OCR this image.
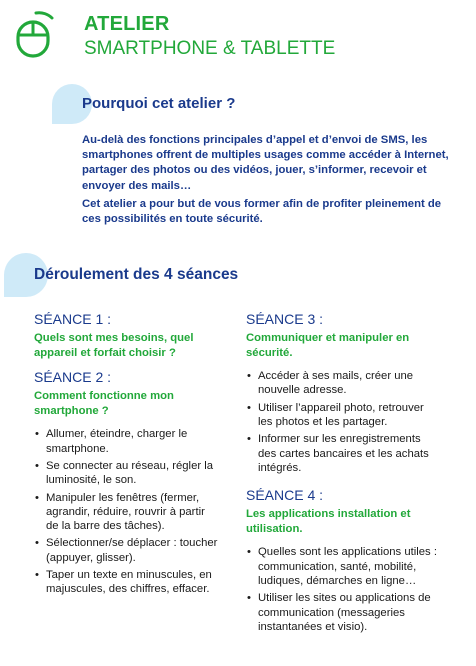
ATELIER
SMARTPHONE & TABLETTE
Pourquoi cet atelier ?
Au-delà des fonctions principales d’appel et d’envoi de SMS, les smartphones offrent de multiples usages comme accéder à Internet, partager des photos ou des vidéos, jouer, s’informer, recevoir et envoyer des mails…
Cet atelier a pour but de vous former afin de profiter pleinement de ces possibilités en toute sécurité.
Déroulement des 4 séances
SÉANCE 1 :
Quels sont mes besoins, quel appareil et forfait choisir ?
SÉANCE 2 :
Comment fonctionne mon smartphone ?
• Allumer, éteindre, charger le smartphone.
• Se connecter au réseau, régler la luminosité, le son.
• Manipuler les fenêtres (fermer, agrandir, réduire, rouvrir à partir de la barre des tâches).
• Sélectionner/se déplacer : toucher (appuyer, glisser).
• Taper un texte en minuscules, en majuscules, des chiffres, effacer.
SÉANCE 3 :
Communiquer et manipuler en sécurité.
• Accéder à ses mails, créer une nouvelle adresse.
• Utiliser l’appareil photo, retrouver les photos et les partager.
• Informer sur les enregistrements des cartes bancaires et les achats intégrés.
SÉANCE 4 :
Les applications installation et utilisation.
• Quelles sont les applications utiles : communication, santé, mobilité, ludiques, démarches en ligne…
• Utiliser les sites ou applications de communication (messageries instantanées et visio).
